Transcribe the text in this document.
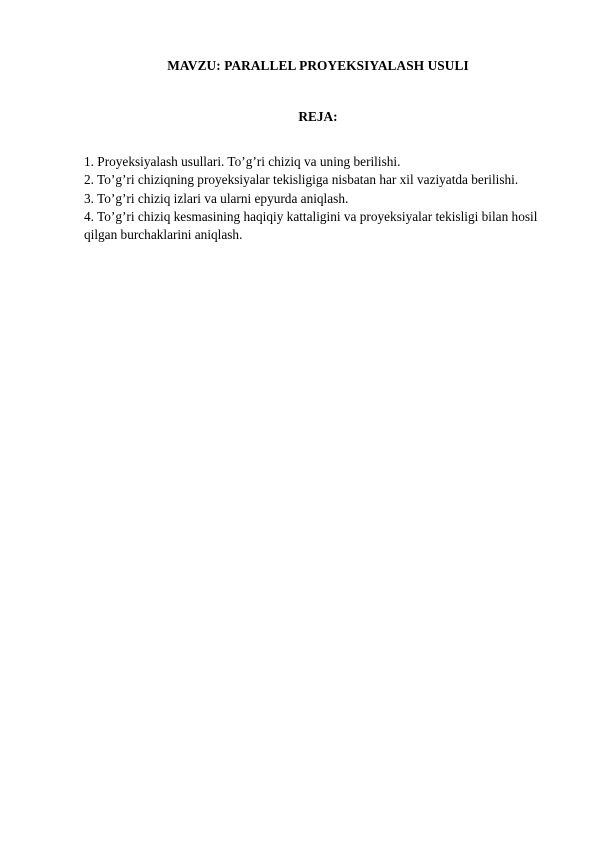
MAVZU: PARALLEL PROYEKSIYALASH USULI
REJA:
1. Proyeksiyalash usullari. To’g’ri chiziq va uning berilishi.
2. To’g’ri chiziqning proyeksiyalar tekisligiga nisbatan har xil vaziyatda berilishi.
3. To’g’ri chiziq izlari va ularni epyurda aniqlash.
4. To’g’ri chiziq kesmasining haqiqiy kattaligini va proyeksiyalar tekisligi bilan hosil qilgan burchaklarini aniqlash.
